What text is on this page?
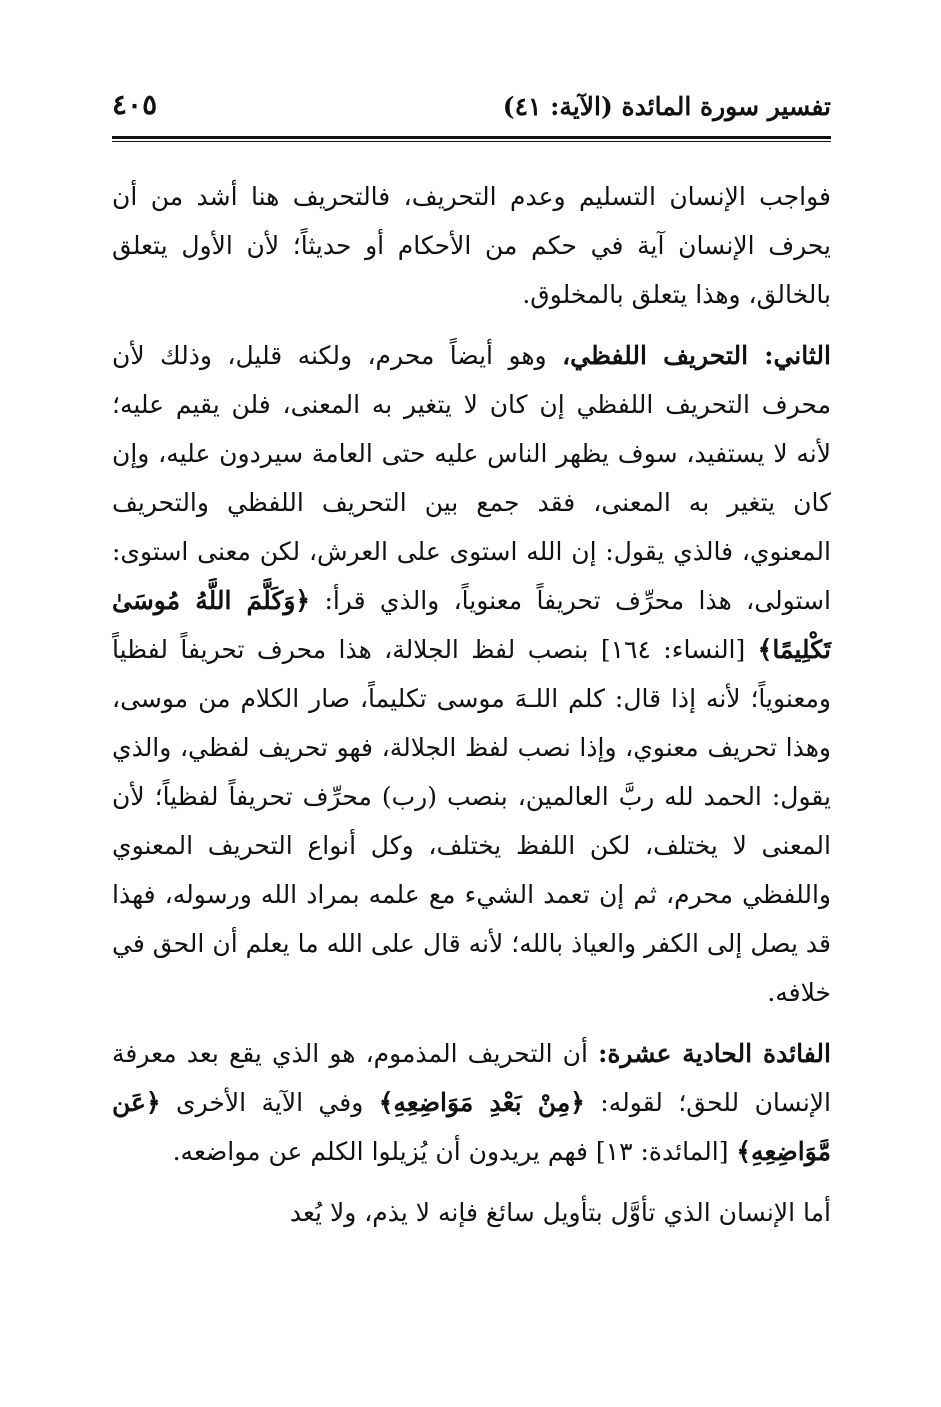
تفسير سورة المائدة (الآية: ٤١)
٤٠٥

فواجب الإنسان التسليم وعدم التحريف، فالتحريف هنا أشد من أن يحرف الإنسان آية في حكم من الأحكام أو حديثاً؛ لأن الأول يتعلق بالخالق، وهذا يتعلق بالمخلوق.

الثاني: التحريف اللفظي، وهو أيضاً محرم، ولكنه قليل، وذلك لأن محرف التحريف اللفظي إن كان لا يتغير به المعنى، فلن يقيم عليه؛ لأنه لا يستفيد، سوف يظهر الناس عليه حتى العامة سيردون عليه، وإن كان يتغير به المعنى، فقد جمع بين التحريف اللفظي والتحريف المعنوي، فالذي يقول: إن الله استوى على العرش، لكن معنى استوى: استولى، هذا محرِّف تحريفاً معنوياً، والذي قرأ: ﴿وَكَلَّمَ اللَّهُ مُوسَىٰ تَكْلِيمًا﴾ [النساء: ١٦٤] بنصب لفظ الجلالة، هذا محرف تحريفاً لفظياً ومعنوياً؛ لأنه إذا قال: كلم اللـهَ موسى تكليماً، صار الكلام من موسى، وهذا تحريف معنوي، وإذا نصب لفظ الجلالة، فهو تحريف لفظي، والذي يقول: الحمد لله ربَّ العالمين، بنصب (رب) محرِّف تحريفاً لفظياً؛ لأن المعنى لا يختلف، لكن اللفظ يختلف، وكل أنواع التحريف المعنوي واللفظي محرم، ثم إن تعمد الشيء مع علمه بمراد الله ورسوله، فهذا قد يصل إلى الكفر والعياذ بالله؛ لأنه قال على الله ما يعلم أن الحق في خلافه.

الفائدة الحادية عشرة: أن التحريف المذموم، هو الذي يقع بعد معرفة الإنسان للحق؛ لقوله: ﴿مِنْ بَعْدِ مَوَاضِعِهِ﴾ وفي الآية الأخرى ﴿عَن مَّوَاضِعِهِ﴾ [المائدة: ١٣] فهم يريدون أن يُزيلوا الكلم عن مواضعه.

أما الإنسان الذي تأوَّل بتأويل سائغ فإنه لا يذم، ولا يُعد
